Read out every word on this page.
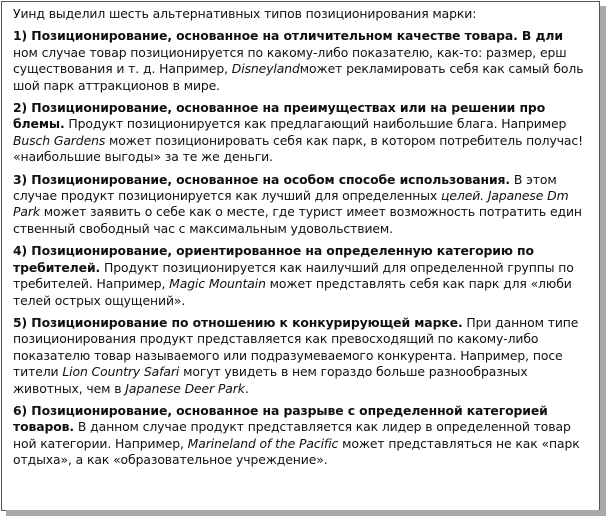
Уинд выделил шесть альтернативных типов позиционирования марки:

1) Позиционирование, основанное на отличительном качестве товара. В дли
ном случае товар позиционируется по какому-либо показателю, как-то: размер, ерш существования и т. д. Например, Disneylandможет рекламировать себя как самый боль шой парк аттракционов в мире.
2) Позиционирование, основанное на преимуществах или на решении про блемы. Продукт позиционируется как предлагающий наибольшие блага. Например Busch Gardens может позиционировать себя как парк, в котором потребитель получас! «наибольшие выгоды» за те же деньги.
3) Позиционирование, основанное на особом способе использования. В этом случае продукт позиционируется как лучший для определенных целей. Japanese Dm Park может заявить о себе как о месте, где турист имеет возможность потратить един ственный свободный час с максимальным удовольствием.
4) Позиционирование, ориентированное на определенную категорию по требителей. Продукт позиционируется как наилучший для определенной группы по требителей. Например, Magic Mountain может представлять себя как парк для «люби телей острых ощущений».
5) Позиционирование по отношению к конкурирующей марке. При данном типе позиционирования продукт представляется как превосходящий по какому-либо показателю товар называемого или подразумеваемого конкурента. Например, посе тители Lion Country Safari могут увидеть в нем гораздо больше разнообразных животных, чем в Japanese Deer Park.
6) Позиционирование, основанное на разрыве с определенной категорией товаров. В данном случае продукт представляется как лидер в определенной товар ной категории. Например, Marineland of the Pacific может представляться не как «парк отдыха», а как «образовательное учреждение».
